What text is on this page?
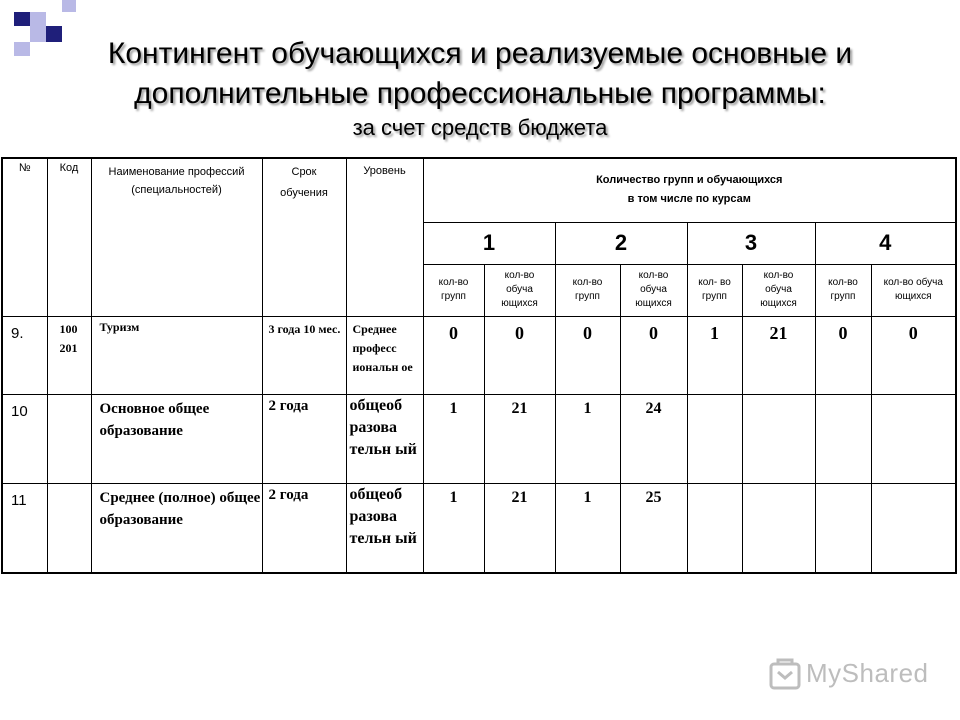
Контингент обучающихся и реализуемые основные и
дополнительные профессиональные программы:
за счет средств бюджета
№	Код	Наименование профессий (специальностей)	Срок обучения	Уровень	Количество групп и обучающихся
в том числе по курсам							

					1		2		3		4	
					кол-во групп	кол-во обуча ющихся	кол-во групп	кол-во обуча ющихся	кол- во групп	кол-во обуча ющихся	кол-во групп	кол-во обуча ющихся
9.	100 201	Туризм	3 года 10 мес.	Среднее професс иональн ое	0	0	0	0	1	21	0	0
10		Основное общее образование	2 года	общеоб разова тельн ый	1	21	1	24				
11		Среднее (полное) общее образование	2 года	общеоб разова тельн ый	1	21	1	25				
MyShared
